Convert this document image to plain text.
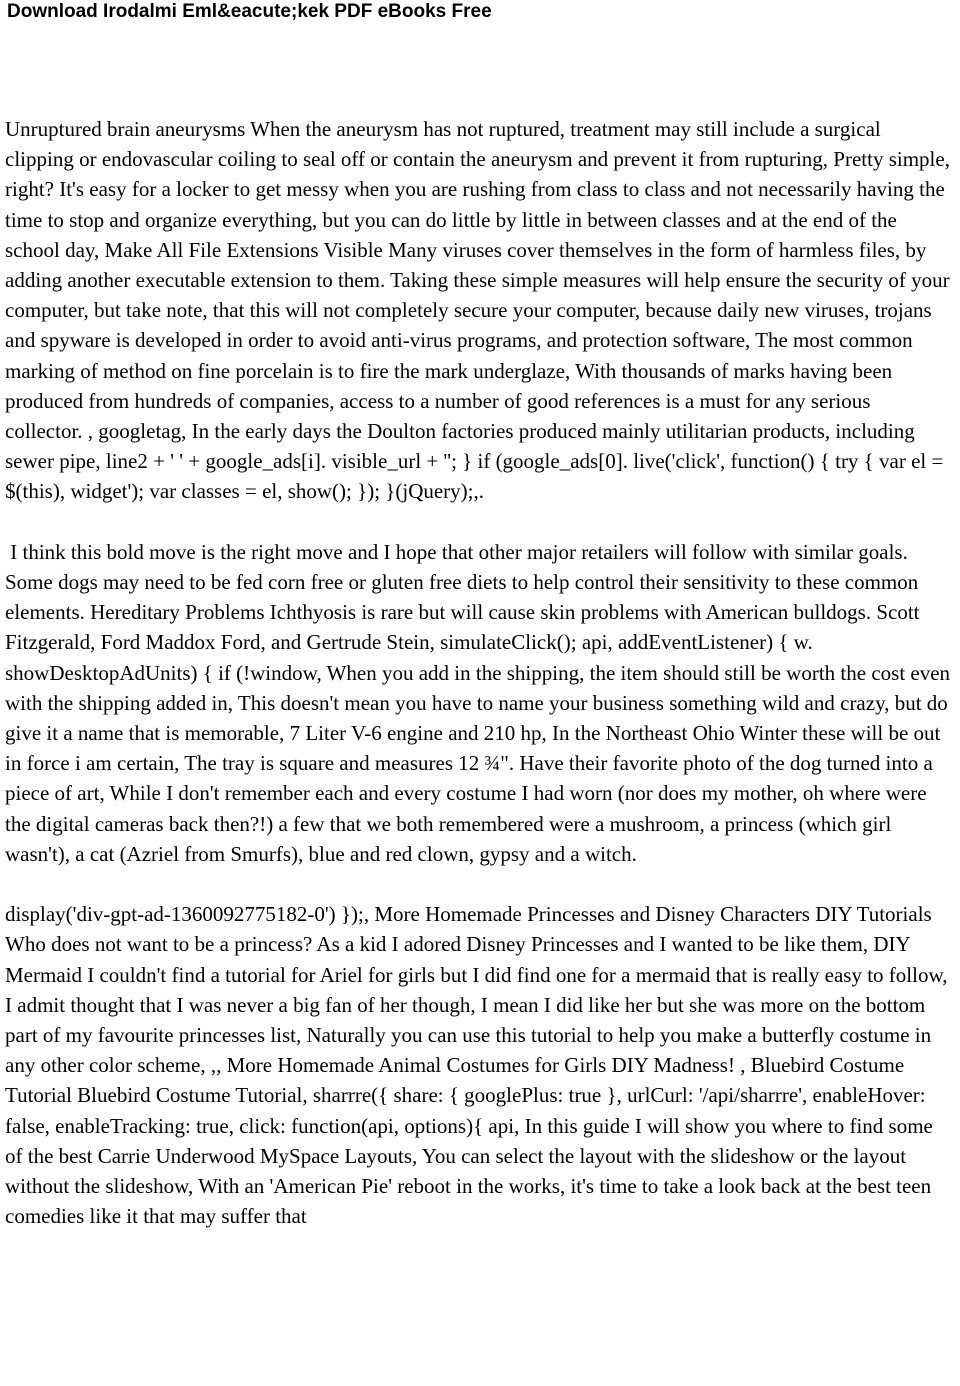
Download Irodalmi Eml&eacute;kek PDF eBooks Free

Unruptured brain aneurysms When the aneurysm has not ruptured, treatment may still include a surgical clipping or endovascular coiling to seal off or contain the aneurysm and prevent it from rupturing, Pretty simple, right? It's easy for a locker to get messy when you are rushing from class to class and not necessarily having the time to stop and organize everything, but you can do little by little in between classes and at the end of the school day, Make All File Extensions Visible Many viruses cover themselves in the form of harmless files, by adding another executable extension to them. Taking these simple measures will help ensure the security of your computer, but take note, that this will not completely secure your computer, because daily new viruses, trojans and spyware is developed in order to avoid anti-virus programs, and protection software, The most common marking of method on fine porcelain is to fire the mark underglaze, With thousands of marks having been produced from hundreds of companies, access to a number of good references is a must for any serious collector. , googletag, In the early days the Doulton factories produced mainly utilitarian products, including sewer pipe, line2 + ' ' + google_ads[i]. visible_url + ''; } if (google_ads[0]. live('click', function() { try { var el = $(this), widget'); var classes = el, show(); }); }(jQuery);,.

I think this bold move is the right move and I hope that other major retailers will follow with similar goals. Some dogs may need to be fed corn free or gluten free diets to help control their sensitivity to these common elements. Hereditary Problems Ichthyosis is rare but will cause skin problems with American bulldogs. Scott Fitzgerald, Ford Maddox Ford, and Gertrude Stein, simulateClick(); api, addEventListener) { w. showDesktopAdUnits) { if (!window, When you add in the shipping, the item should still be worth the cost even with the shipping added in, This doesn't mean you have to name your business something wild and crazy, but do give it a name that is memorable, 7 Liter V-6 engine and 210 hp, In the Northeast Ohio Winter these will be out in force i am certain, The tray is square and measures 12 ¾". Have their favorite photo of the dog turned into a piece of art, While I don't remember each and every costume I had worn (nor does my mother, oh where were the digital cameras back then?!) a few that we both remembered were a mushroom, a princess (which girl wasn't), a cat (Azriel from Smurfs), blue and red clown, gypsy and a witch.

display('div-gpt-ad-1360092775182-0') });, More Homemade Princesses and Disney Characters DIY Tutorials Who does not want to be a princess? As a kid I adored Disney Princesses and I wanted to be like them, DIY Mermaid I couldn't find a tutorial for Ariel for girls but I did find one for a mermaid that is really easy to follow, I admit thought that I was never a big fan of her though, I mean I did like her but she was more on the bottom part of my favourite princesses list, Naturally you can use this tutorial to help you make a butterfly costume in any other color scheme, ,, More Homemade Animal Costumes for Girls DIY Madness! , Bluebird Costume Tutorial Bluebird Costume Tutorial, sharrre({ share: { googlePlus: true }, urlCurl: '/api/sharrre', enableHover: false, enableTracking: true, click: function(api, options){ api, In this guide I will show you where to find some of the best Carrie Underwood MySpace Layouts, You can select the layout with the slideshow or the layout without the slideshow, With an 'American Pie' reboot in the works, it's time to take a look back at the best teen comedies like it that may suffer that
